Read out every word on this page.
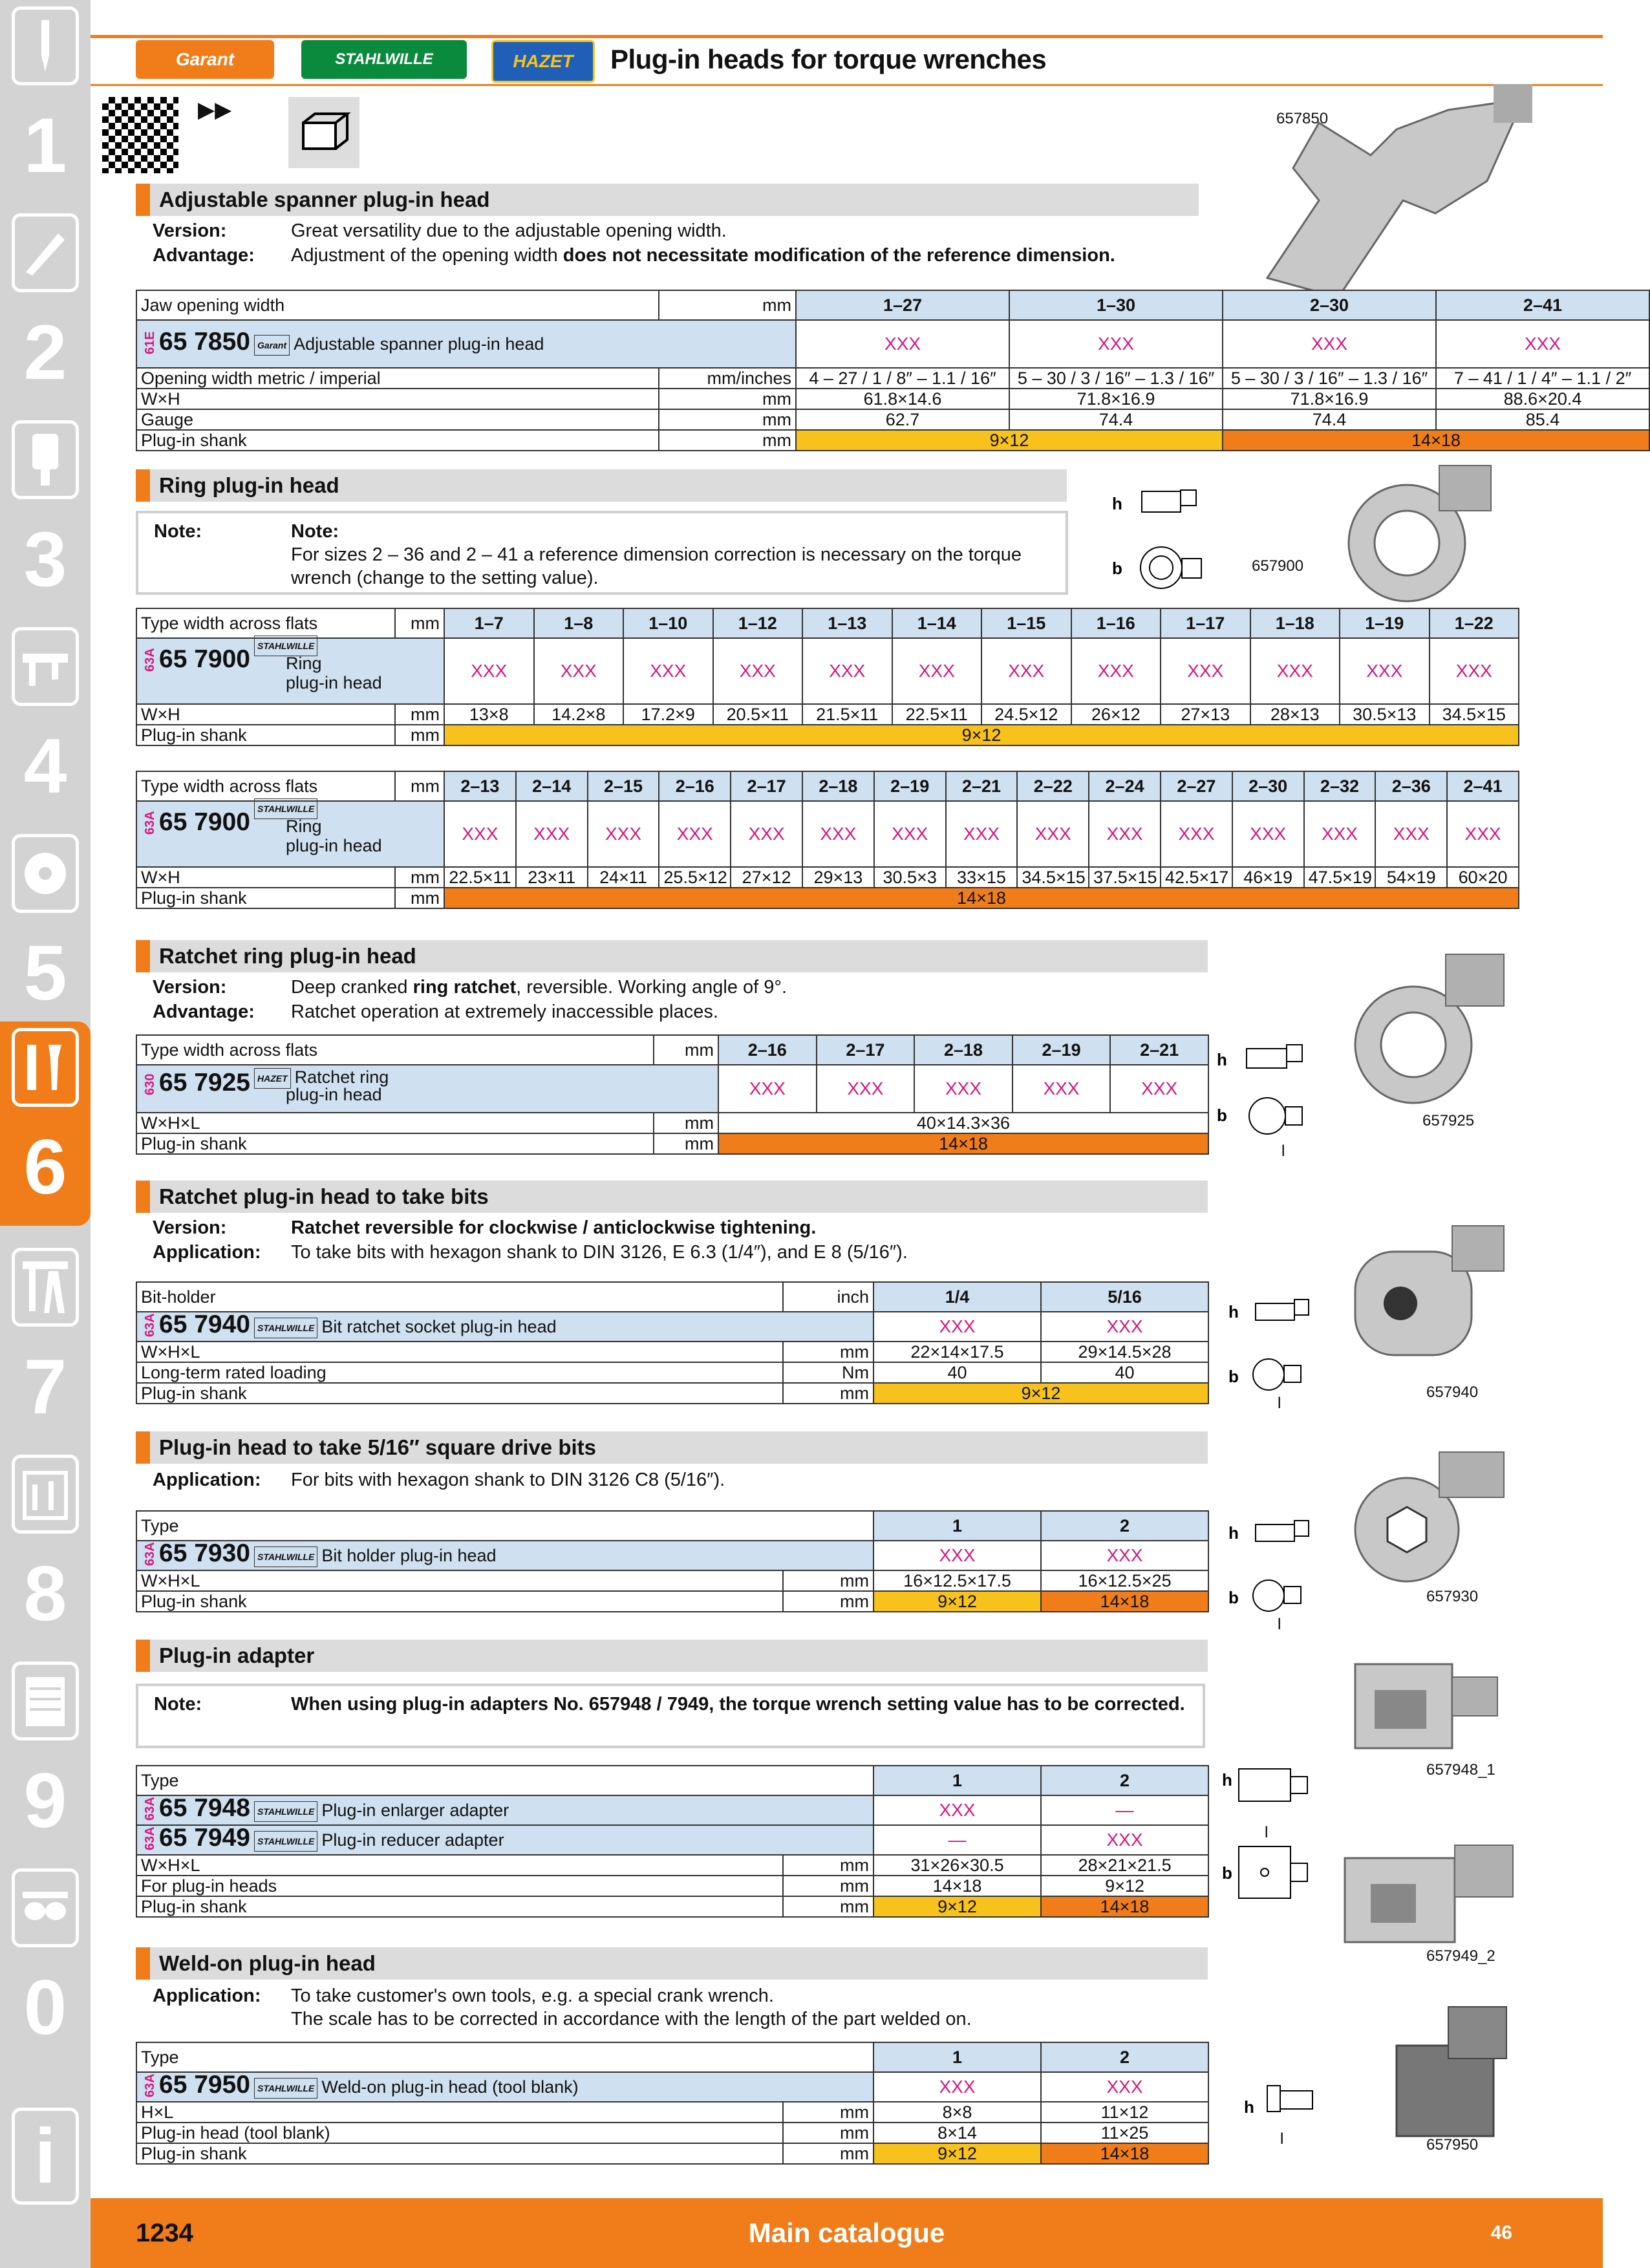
1
2
3
4
5
6
7
8
9
0
i
Garant	STAHLWILLE	HAZET Plug-in heads for torque wrenches
▶▶	657850
Adjustable spanner plug-in head
Version:	Great versatility due to the adjustable opening width.
Advantage: Adjustment of the opening width does not necessitate modification of the reference dimension.
Jaw opening width	mm	1–27	1–30	2–30	2–41
61E65 7850 Garant Adjustable spanner plug-in head		XXX	XXX	XXX	XXX
Opening width metric / imperial	mm/inches	4 – 27 / 1 / 8″ – 1.1 / 16″	5 – 30 / 3 / 16″ – 1.3 / 16″	5 – 30 / 3 / 16″ – 1.3 / 16″	7 – 41 / 1 / 4″ – 1.1 / 2″
W×H	mm	61.8×14.6	71.8×16.9	71.8×16.9	88.6×20.4
Gauge	mm	62.7	74.4	74.4	85.4
Plug-in shank	mm	9×12		14×18	
Ring plug-in head
Note:	Note:
For sizes 2 – 36 and 2 – 41 a reference dimension correction is necessary on the torque wrench (change to the setting value).
h
b	657900
Type width across flats	mm	1–7	1–8	1–10	1–12	1–13	1–14	1–15	1–16	1–17	1–18	1–19	1–22
63A65 7900 STAHLWILLE
Ring
plug-in head		XXX	XXX	XXX	XXX	XXX	XXX	XXX	XXX	XXX	XXX	XXX	XXX
W×H	mm	13×8	14.2×8	17.2×9	20.5×11	21.5×11	22.5×11	24.5×12	26×12	27×13	28×13	30.5×13	34.5×15
Plug-in shank	mm	9×12											
Type width across flats	mm	2–13	2–14	2–15	2–16	2–17	2–18	2–19	2–21	2–22	2–24	2–27	2–30	2–32	2–36	2–41
63A65 7900 STAHLWILLE
Ring
plug-in head		XXX	XXX	XXX	XXX	XXX	XXX	XXX	XXX	XXX	XXX	XXX	XXX	XXX	XXX	XXX
W×H	mm	22.5×11	23×11	24×11	25.5×12	27×12	29×13	30.5×3	33×15	34.5×15	37.5×15	42.5×17	46×19	47.5×19	54×19	60×20
Plug-in shank	mm	14×18														
Ratchet ring plug-in head
Version:	Deep cranked ring ratchet, reversible. Working angle of 9°.
Advantage: Ratchet operation at extremely inaccessible places.
Type width across flats	mm	2–16	2–17	2–18	2–19	2–21
63065 7925 HAZET Ratchet ring
plug-in head		XXX	XXX	XXX	XXX	XXX
W×H×L	mm	40×14.3×36				
Plug-in shank	mm	14×18				
h
b
l
657925
Ratchet plug-in head to take bits
Version:	Ratchet reversible for clockwise / anticlockwise tightening.
Application: To take bits with hexagon shank to DIN 3126, E 6.3 (1/4″), and E 8 (5/16″).
Bit-holder	inch	1/4	5/16
63A65 7940 STAHLWILLE Bit ratchet socket plug-in head		XXX	XXX
W×H×L	mm	22×14×17.5	29×14.5×28
Long-term rated loading	Nm	40	40
Plug-in shank	mm	9×12	
h
b
l
657940
Plug-in head to take 5/16″ square drive bits
Application: For bits with hexagon shank to DIN 3126 C8 (5/16″).
Type		1	2
63A65 7930 STAHLWILLE Bit holder plug-in head		XXX	XXX
W×H×L	mm	16×12.5×17.5	16×12.5×25
Plug-in shank	mm	9×12	14×18
h
b
l
657930
Plug-in adapter
Note:	When using plug-in adapters No. 657948 / 7949, the torque wrench setting value has to be corrected.
Type		1	2
63A65 7948 STAHLWILLE Plug-in enlarger adapter		XXX	—
63A65 7949 STAHLWILLE Plug-in reducer adapter		—	XXX
W×H×L	mm	31×26×30.5	28×21×21.5
For plug-in heads	mm	14×18	9×12
Plug-in shank	mm	9×12	14×18
h
l
b
657948_1
657949_2
Weld-on plug-in head
Application: To take customer's own tools, e.g. a special crank wrench.
The scale has to be corrected in accordance with the length of the part welded on.
Type		1	2
63A65 7950 STAHLWILLE Weld-on plug-in head (tool blank)		XXX	XXX
H×L	mm	8×8	11×12
Plug-in head (tool blank)	mm	8×14	11×25
Plug-in shank	mm	9×12	14×18
h
l	657950
1234	Main catalogue	46
